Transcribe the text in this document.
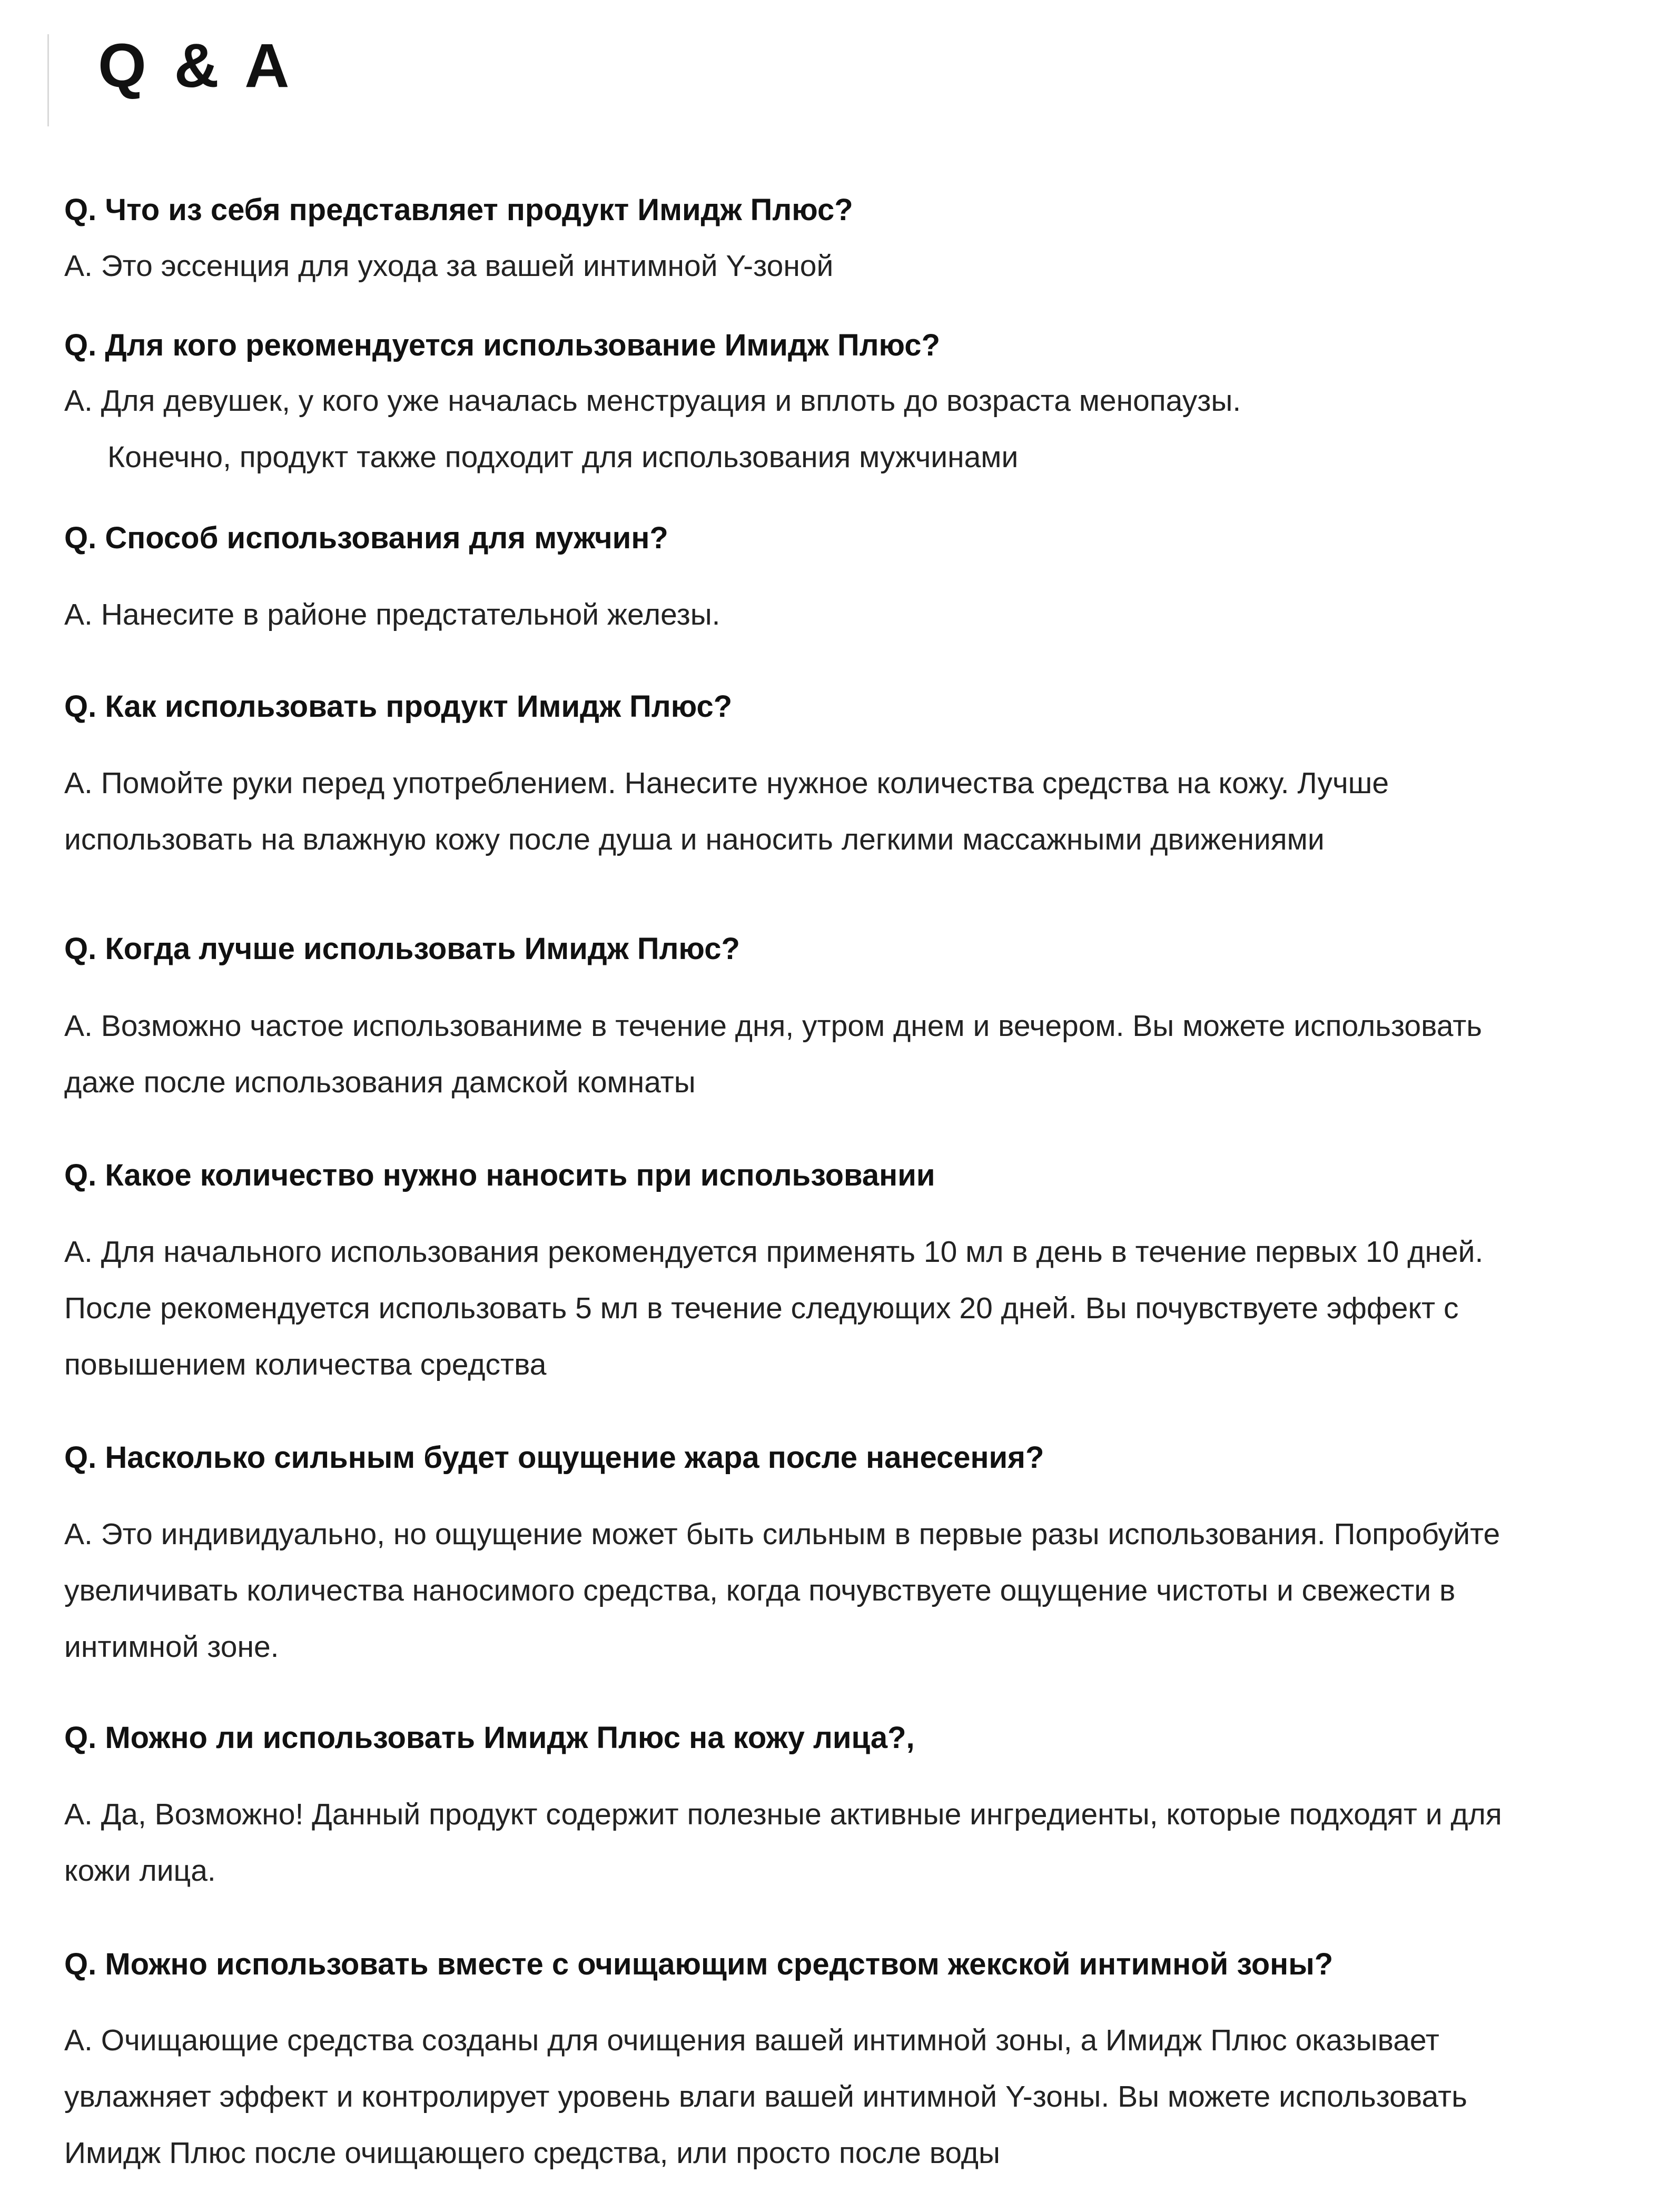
Q & A

Q. Что из себя представляет продукт Имидж Плюс?

A. Это эссенция для ухода за вашей интимной Y-зоной

Q. Для кого рекомендуется использование Имидж Плюс?

A. Для девушек, у кого уже началась менструация и вплоть до возраста менопаузы.
Конечно, продукт также подходит для использования мужчинами

Q. Способ использования для мужчин?

A. Нанесите в районе предстательной железы.

Q. Как использовать продукт Имидж Плюс?

A. Помойте руки перед употреблением. Нанесите нужное количества средства на кожу. Лучше
использовать на влажную кожу после душа и наносить легкими массажными движениями

Q. Когда лучше использовать Имидж Плюс?

A. Возможно частое использованиме в течение дня, утром днем и вечером. Вы можете использовать
даже после использования дамской комнаты

Q. Какое количество нужно наносить при использовании

A. Для начального использования рекомендуется применять 10 мл в день в течение первых 10 дней.
После рекомендуется использовать 5 мл в течение следующих 20 дней. Вы почувствуете эффект с
повышением количества средства

Q. Насколько сильным будет ощущение жара после нанесения?

A. Это индивидуально, но ощущение может быть сильным в первые разы использования. Попробуйте
увеличивать количества наносимого средства, когда почувствуете ощущение чистоты и свежести в
интимной зоне.

Q. Можно ли использовать Имидж Плюс на кожу лица?,

A. Да, Возможно! Данный продукт содержит полезные активные ингредиенты, которые подходят и для
кожи лица.

Q. Можно использовать вместе с очищающим средством жекской интимной зоны?

A. Очищающие средства созданы для очищения вашей интимной зоны, а Имидж Плюс оказывает
увлажняет эффект и контролирует уровень влаги вашей интимной Y-зоны. Вы можете использовать
Имидж Плюс после очищающего средства, или просто после воды
